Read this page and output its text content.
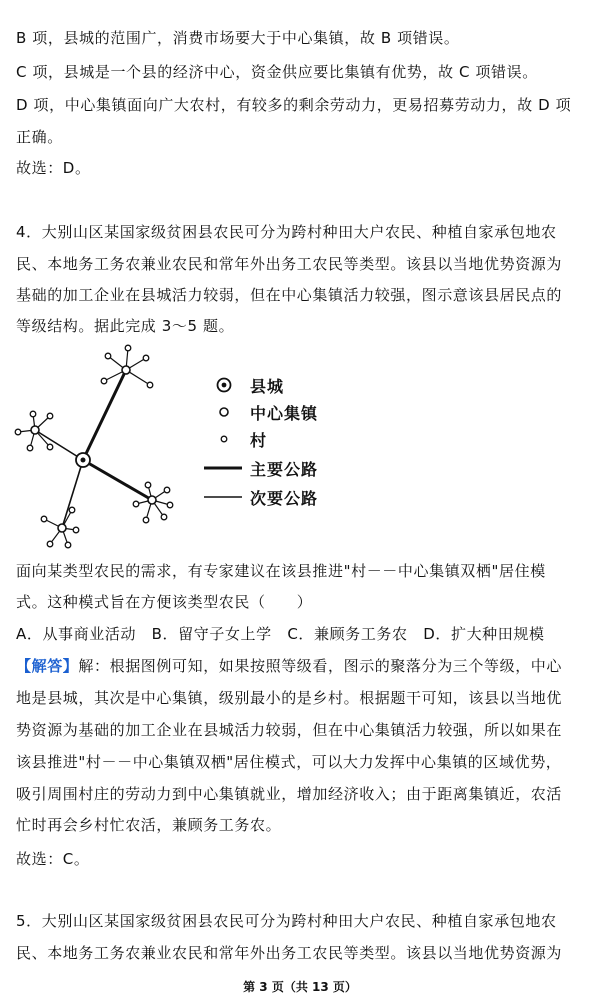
B 项，县城的范围广，消费市场要大于中心集镇，故 B 项错误。
C 项，县城是一个县的经济中心，资金供应要比集镇有优势，故 C 项错误。
D 项，中心集镇面向广大农村，有较多的剩余劳动力，更易招募劳动力，故 D 项
正确。
故选：D。
4．大别山区某国家级贫困县农民可分为跨村种田大户农民、种植自家承包地农
民、本地务工务农兼业农民和常年外出务工农民等类型。该县以当地优势资源为
基础的加工企业在县城活力较弱，但在中心集镇活力较强，图示意该县居民点的
等级结构。据此完成 3～5 题。
县城
中心集镇
村
主要公路
次要公路
面向某类型农民的需求，有专家建议在该县推进"村－－中心集镇双栖"居住模
式。这种模式旨在方便该类型农民（　　）
A．从事商业活动　B．留守子女上学　C．兼顾务工务农　D．扩大种田规模
【解答】解：根据图例可知，如果按照等级看，图示的聚落分为三个等级，中心
地是县城，其次是中心集镇，级别最小的是乡村。根据题干可知，该县以当地优
势资源为基础的加工企业在县城活力较弱，但在中心集镇活力较强，所以如果在
该县推进"村－－中心集镇双栖"居住模式，可以大力发挥中心集镇的区域优势，
吸引周围村庄的劳动力到中心集镇就业，增加经济收入；由于距离集镇近，农活
忙时再会乡村忙农活，兼顾务工务农。
故选：C。
5．大别山区某国家级贫困县农民可分为跨村种田大户农民、种植自家承包地农
民、本地务工务农兼业农民和常年外出务工农民等类型。该县以当地优势资源为
第 3 页（共 13 页）
